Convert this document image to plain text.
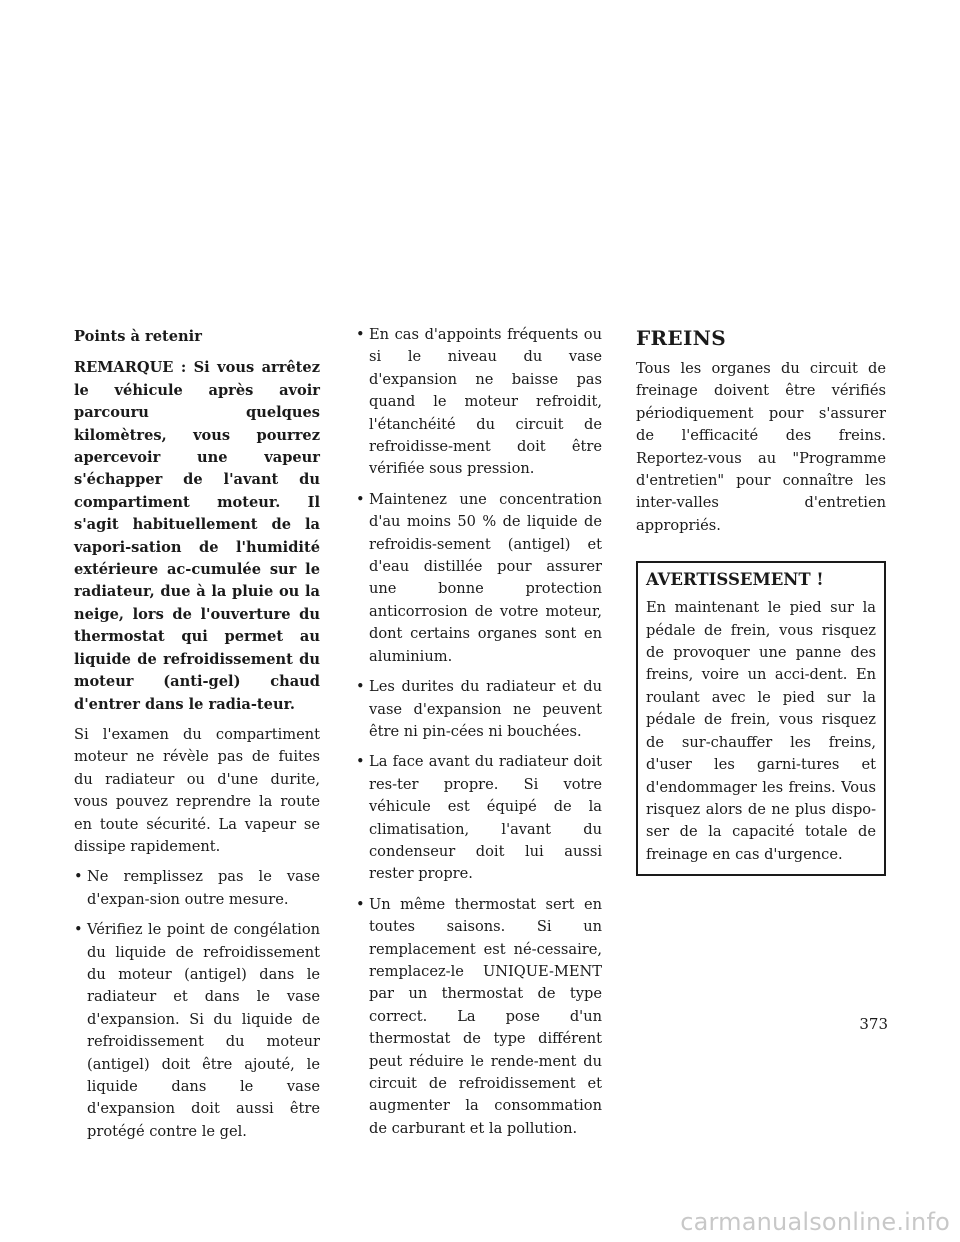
Points à retenir
REMARQUE : Si vous arrêtez le véhicule après avoir parcouru quelques kilomètres, vous pourrez apercevoir une vapeur s'échapper de l'avant du compartiment moteur. Il s'agit habituellement de la vapori-sation de l'humidité extérieure ac-cumulée sur le radiateur, due à la pluie ou la neige, lors de l'ouverture du thermostat qui permet au liquide de refroidissement du moteur (anti-gel) chaud d'entrer dans le radia-teur.
Si l'examen du compartiment moteur ne révèle pas de fuites du radiateur ou d'une durite, vous pouvez reprendre la route en toute sécurité. La vapeur se dissipe rapidement.
• Ne remplissez pas le vase d'expan-sion outre mesure.
• Vérifiez le point de congélation du liquide de refroidissement du moteur (antigel) dans le radiateur et dans le vase d'expansion. Si du liquide de refroidissement du moteur (antigel) doit être ajouté, le liquide dans le vase d'expansion doit aussi être protégé contre le gel.
• En cas d'appoints fréquents ou si le niveau du vase d'expansion ne baisse pas quand le moteur refroidit, l'étanchéité du circuit de refroidisse-ment doit être vérifiée sous pression.
• Maintenez une concentration d'au moins 50 % de liquide de refroidis-sement (antigel) et d'eau distillée pour assurer une bonne protection anticorrosion de votre moteur, dont certains organes sont en aluminium.
• Les durites du radiateur et du vase d'expansion ne peuvent être ni pin-cées ni bouchées.
• La face avant du radiateur doit res-ter propre. Si votre véhicule est équipé de la climatisation, l'avant du condenseur doit lui aussi rester propre.
• Un même thermostat sert en toutes saisons. Si un remplacement est né-cessaire, remplacez-le UNIQUE-MENT par un thermostat de type correct. La pose d'un thermostat de type différent peut réduire le rende-ment du circuit de refroidissement et augmenter la consommation de carburant et la pollution.
FREINS
Tous les organes du circuit de freinage doivent être vérifiés périodiquement pour s'assurer de l'efficacité des freins. Reportez-vous au "Programme d'entretien" pour connaître les inter-valles d'entretien appropriés.
AVERTISSEMENT !
En maintenant le pied sur la pédale de frein, vous risquez de provoquer une panne des freins, voire un acci-dent. En roulant avec le pied sur la pédale de frein, vous risquez de sur-chauffer les freins, d'user les garni-tures et d'endommager les freins. Vous risquez alors de ne plus dispo-ser de la capacité totale de freinage en cas d'urgence.
373
carmanualsonline.info
